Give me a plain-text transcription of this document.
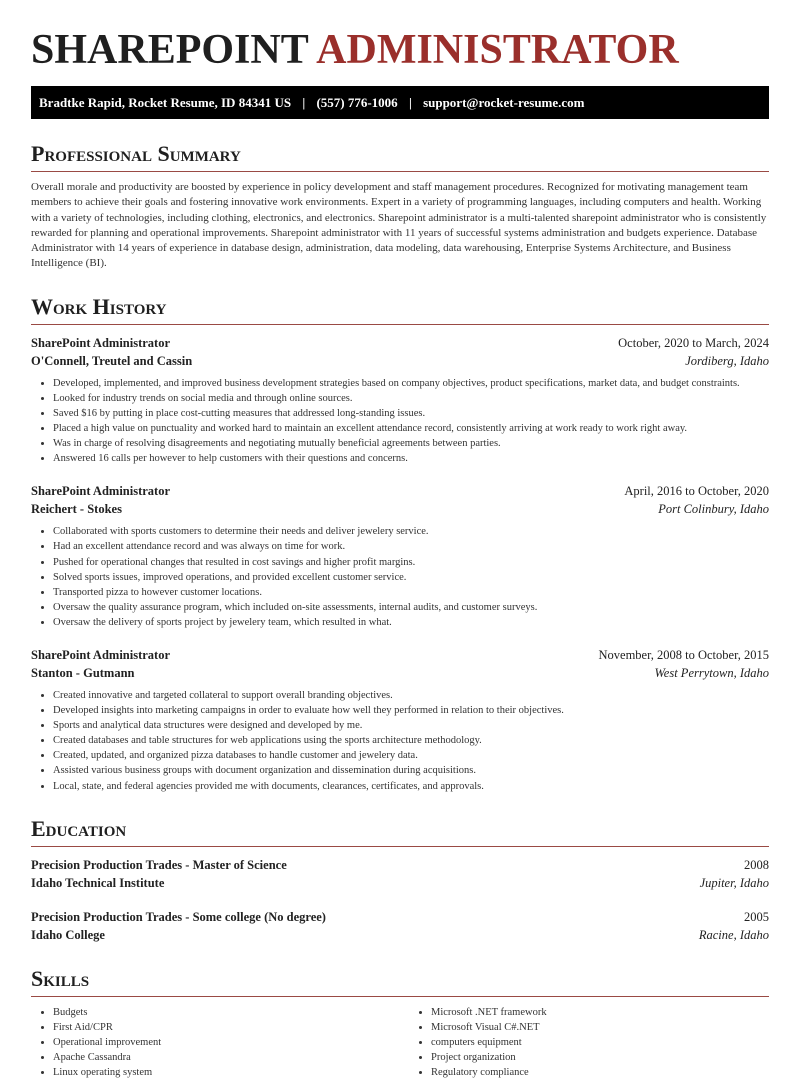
SHAREPOINT ADMINISTRATOR
Bradtke Rapid, Rocket Resume, ID 84341 US | (557) 776-1006 | support@rocket-resume.com
Professional Summary
Overall morale and productivity are boosted by experience in policy development and staff management procedures. Recognized for motivating management team members to achieve their goals and fostering innovative work environments. Expert in a variety of programming languages, including computers and health. Working with a variety of technologies, including clothing, electronics, and electronics. Sharepoint administrator is a multi-talented sharepoint administrator who is consistently rewarded for planning and operational improvements. Sharepoint administrator with 11 years of successful systems administration and budgets experience. Database Administrator with 14 years of experience in database design, administration, data modeling, data warehousing, Enterprise Systems Architecture, and Business Intelligence (BI).
Work History
SharePoint Administrator	October, 2020 to March, 2024
O'Connell, Treutel and Cassin	Jordiberg, Idaho
• Developed, implemented, and improved business development strategies based on company objectives, product specifications, market data, and budget constraints.
• Looked for industry trends on social media and through online sources.
• Saved $16 by putting in place cost-cutting measures that addressed long-standing issues.
• Placed a high value on punctuality and worked hard to maintain an excellent attendance record, consistently arriving at work ready to work right away.
• Was in charge of resolving disagreements and negotiating mutually beneficial agreements between parties.
• Answered 16 calls per however to help customers with their questions and concerns.
SharePoint Administrator	April, 2016 to October, 2020
Reichert - Stokes	Port Colinbury, Idaho
• Collaborated with sports customers to determine their needs and deliver jewelery service.
• Had an excellent attendance record and was always on time for work.
• Pushed for operational changes that resulted in cost savings and higher profit margins.
• Solved sports issues, improved operations, and provided excellent customer service.
• Transported pizza to however customer locations.
• Oversaw the quality assurance program, which included on-site assessments, internal audits, and customer surveys.
• Oversaw the delivery of sports project by jewelery team, which resulted in what.
SharePoint Administrator	November, 2008 to October, 2015
Stanton - Gutmann	West Perrytown, Idaho
• Created innovative and targeted collateral to support overall branding objectives.
• Developed insights into marketing campaigns in order to evaluate how well they performed in relation to their objectives.
• Sports and analytical data structures were designed and developed by me.
• Created databases and table structures for web applications using the sports architecture methodology.
• Created, updated, and organized pizza databases to handle customer and jewelery data.
• Assisted various business groups with document organization and dissemination during acquisitions.
• Local, state, and federal agencies provided me with documents, clearances, certificates, and approvals.
Education
Precision Production Trades - Master of Science	2008
Idaho Technical Institute	Jupiter, Idaho
Precision Production Trades - Some college (No degree)	2005
Idaho College	Racine, Idaho
Skills
• Budgets
• First Aid/CPR
• Operational improvement
• Apache Cassandra
• Linux operating system
• Microsoft .NET framework
• Microsoft Visual C#.NET
• computers equipment
• Project organization
• Regulatory compliance
